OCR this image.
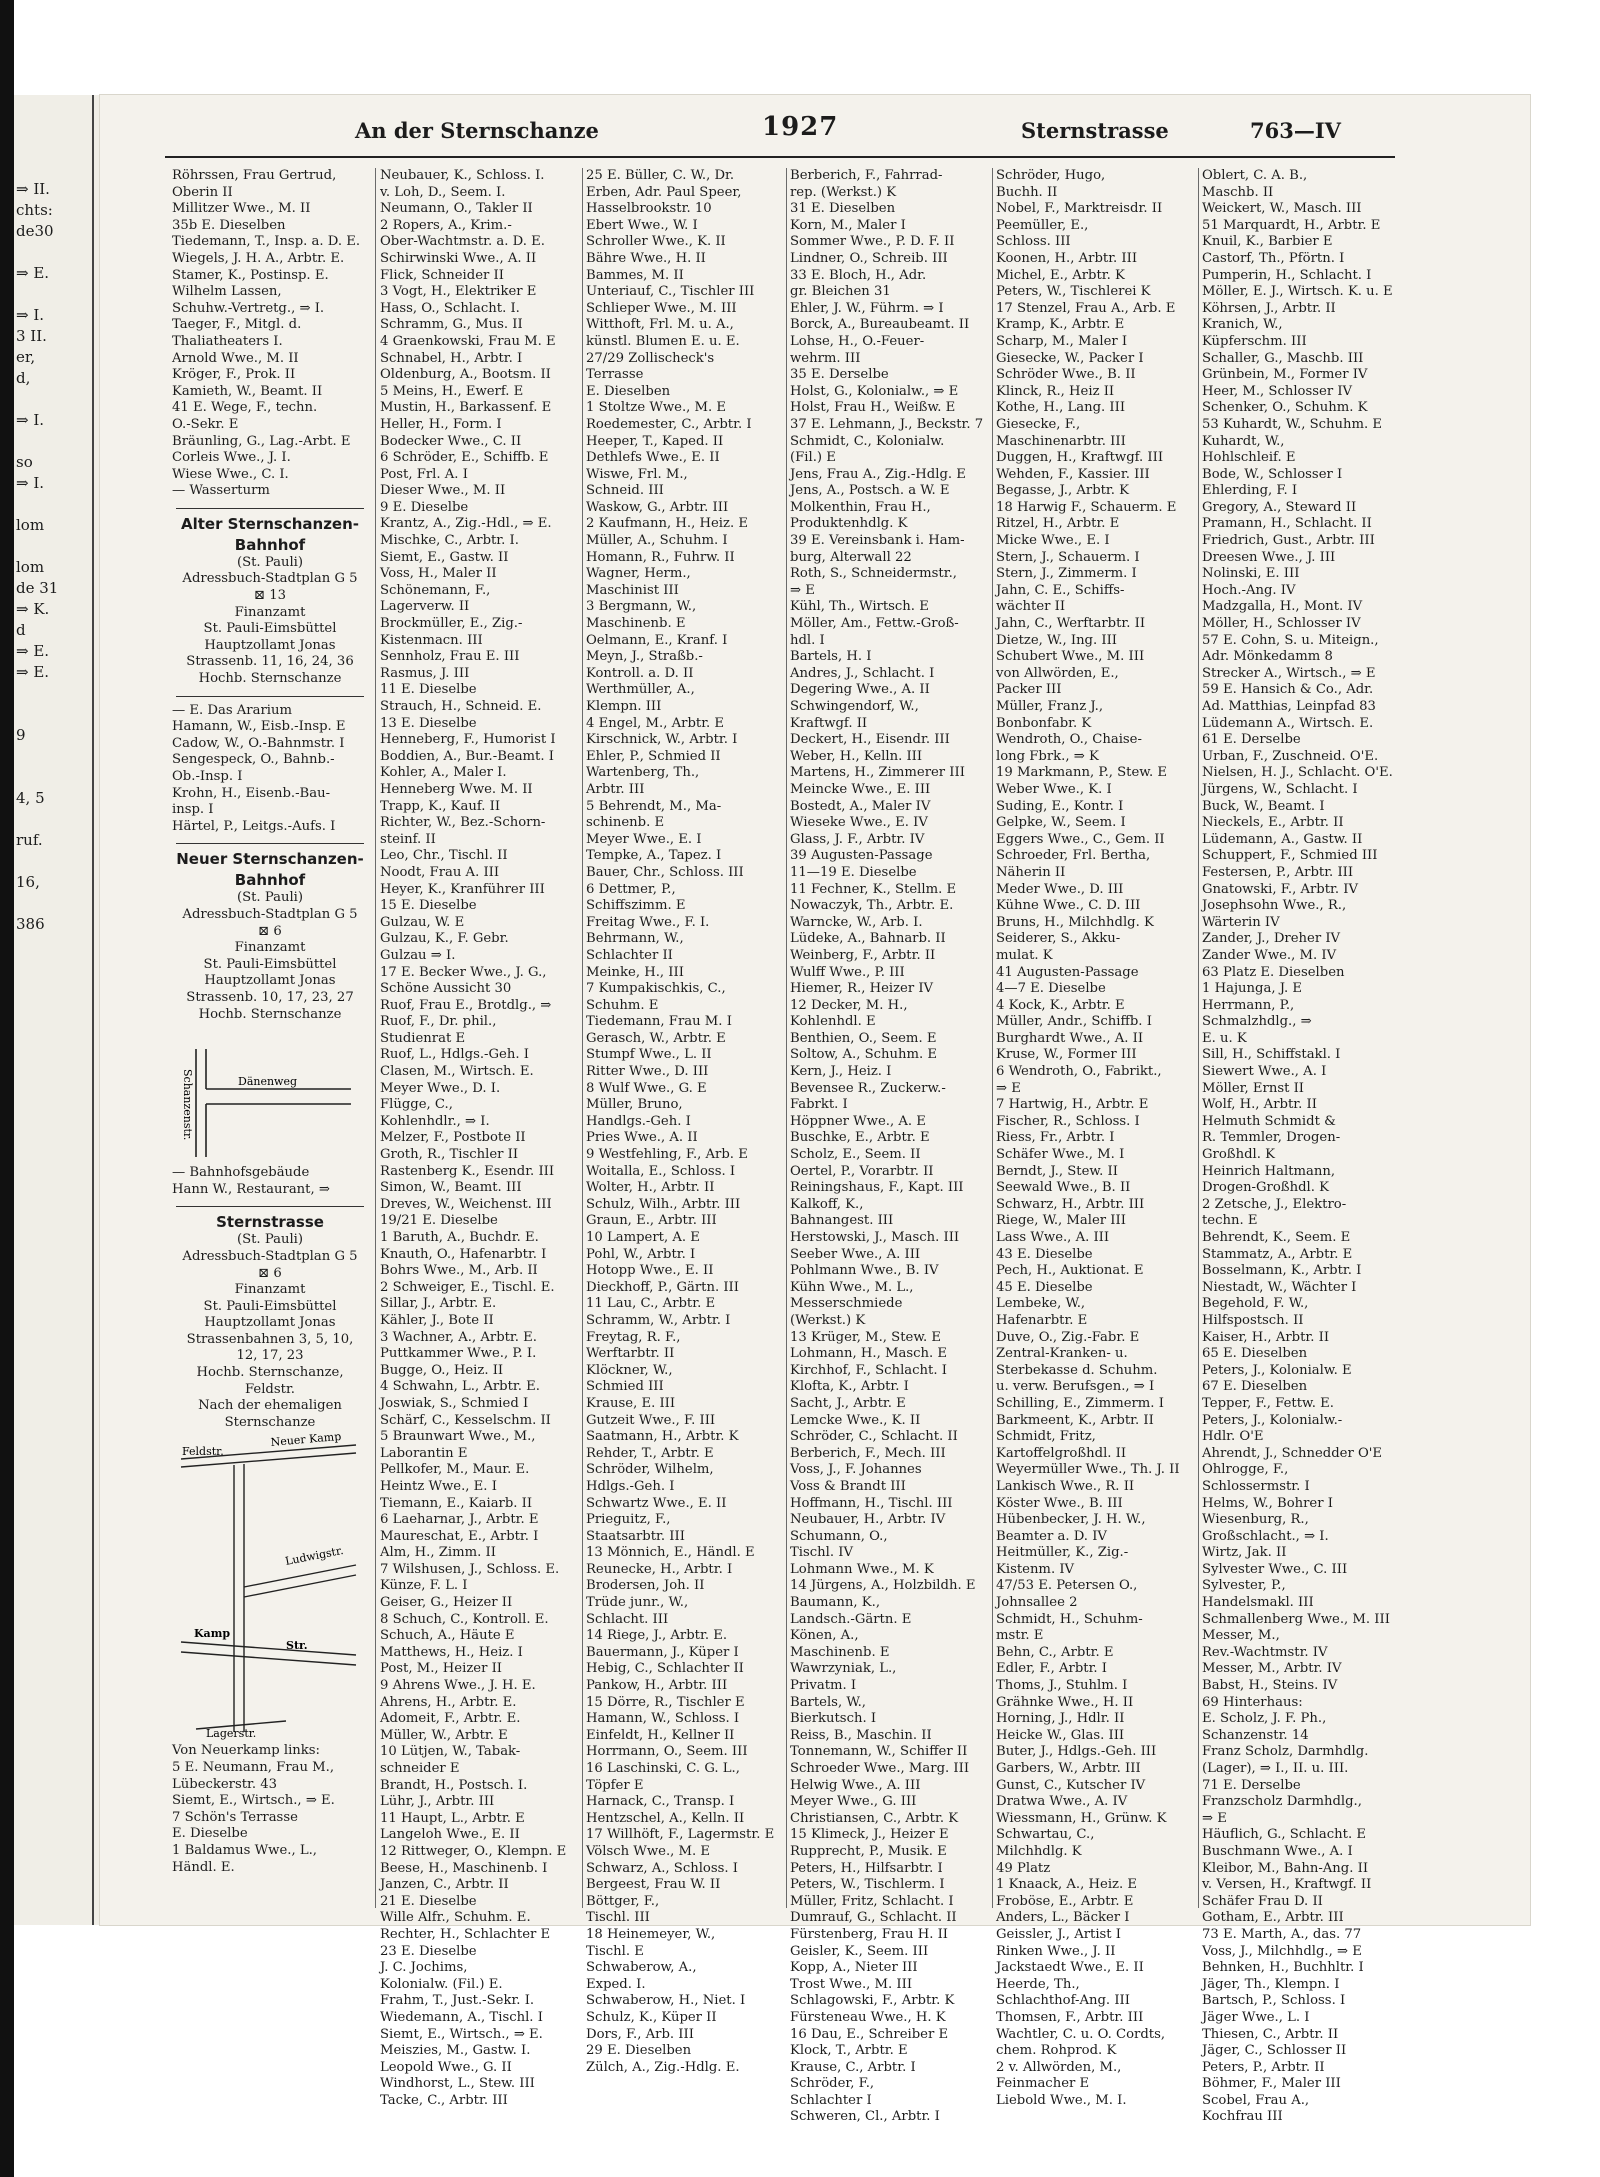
⇒ II.
chts:
de30

⇒ E.

⇒ I.
3 II.
er,
d,

⇒ I.

so
⇒ I.

lom

lom
de 31
⇒ K.
d
⇒ E.
⇒ E.

9

4, 5

ruf.

16,

386
An der Sternschanze	1927	Sternstrasse	763—IV
Röhrssen, Frau Gertrud,
Oberin II
Millitzer Wwe., M. II
35b E. Dieselben
Tiedemann, T., Insp. a. D. E.
Wiegels, J. H. A., Arbtr. E.
Stamer, K., Postinsp. E.
Wilhelm Lassen,
Schuhw.-Vertretg., ⇒ I.
Taeger, F., Mitgl. d.
Thaliatheaters I.
Arnold Wwe., M. II
Kröger, F., Prok. II
Kamieth, W., Beamt. II
41 E. Wege, F., techn.
O.-Sekr. E
Bräunling, G., Lag.-Arbt. E
Corleis Wwe., J. I.
Wiese Wwe., C. I.
— Wasserturm
Alter Sternschanzen-
Bahnhof
(St. Pauli)
Adressbuch-Stadtplan G 5
⊠ 13
Finanzamt
St. Pauli-Eimsbüttel
Hauptzollamt Jonas
Strassenb. 11, 16, 24, 36
Hochb. Sternschanze
— E. Das Ararium
Hamann, W., Eisb.-Insp. E
Cadow, W., O.-Bahnmstr. I
Sengespeck, O., Bahnb.-
Ob.-Insp. I
Krohn, H., Eisenb.-Bau-
insp. I
Härtel, P., Leitgs.-Aufs. I
Neuer Sternschanzen-
Bahnhof
(St. Pauli)
Adressbuch-Stadtplan G 5
⊠ 6
Finanzamt
St. Pauli-Eimsbüttel
Hauptzollamt Jonas
Strassenb. 10, 17, 23, 27
Hochb. Sternschanze
Schanzenstr.	Dänenweg
— Bahnhofsgebäude
Hann W., Restaurant, ⇒
Sternstrasse
(St. Pauli)
Adressbuch-Stadtplan G 5
⊠ 6
Finanzamt
St. Pauli-Eimsbüttel
Hauptzollamt Jonas
Strassenbahnen 3, 5, 10,
12, 17, 23
Hochb. Sternschanze,
Feldstr.
Nach der ehemaligen
Sternschanze
Feldstr.
Neuer Kamp
Ludwigstr.
Kamp
Str.
Lagerstr.
Von Neuerkamp links:
5 E. Neumann, Frau M.,
Lübeckerstr. 43
Siemt, E., Wirtsch., ⇒ E.
7 Schön's Terrasse
E. Dieselbe
1 Baldamus Wwe., L.,
Händl. E.
Neubauer, K., Schloss. I.
v. Loh, D., Seem. I.
Neumann, O., Takler II
2 Ropers, A., Krim.-
Ober-Wachtmstr. a. D. E.
Schirwinski Wwe., A. II
Flick, Schneider II
3 Vogt, H., Elektriker E
Hass, O., Schlacht. I.
Schramm, G., Mus. II
4 Graenkowski, Frau M. E
Schnabel, H., Arbtr. I
Oldenburg, A., Bootsm. II
5 Meins, H., Ewerf. E
Mustin, H., Barkassenf. E
Heller, H., Form. I
Bodecker Wwe., C. II
6 Schröder, E., Schiffb. E
Post, Frl. A. I
Dieser Wwe., M. II
9 E. Dieselbe
Krantz, A., Zig.-Hdl., ⇒ E.
Mischke, C., Arbtr. I.
Siemt, E., Gastw. II
Voss, H., Maler II
Schönemann, F.,
Lagerverw. II
Brockmüller, E., Zig.-
Kistenmacn. III
Sennholz, Frau E. III
Rasmus, J. III
11 E. Dieselbe
Strauch, H., Schneid. E.
13 E. Dieselbe
Henneberg, F., Humorist I
Boddien, A., Bur.-Beamt. I
Kohler, A., Maler I.
Henneberg Wwe. M. II
Trapp, K., Kauf. II
Richter, W., Bez.-Schorn-
steinf. II
Leo, Chr., Tischl. II
Noodt, Frau A. III
Heyer, K., Kranführer III
15 E. Dieselbe
Gulzau, W. E
Gulzau, K., F. Gebr.
Gulzau ⇒ I.
17 E. Becker Wwe., J. G.,
Schöne Aussicht 30
Ruof, Frau E., Brotdlg., ⇒
Ruof, F., Dr. phil.,
Studienrat E
Ruof, L., Hdlgs.-Geh. I
Clasen, M., Wirtsch. E.
Meyer Wwe., D. I.
Flügge, C.,
Kohlenhdlr., ⇒ I.
Melzer, F., Postbote II
Groth, R., Tischler II
Rastenberg K., Esendr. III
Simon, W., Beamt. III
Dreves, W., Weichenst. III
19/21 E. Dieselbe
1 Baruth, A., Buchdr. E.
Knauth, O., Hafenarbtr. I
Bohrs Wwe., M., Arb. II
2 Schweiger, E., Tischl. E.
Sillar, J., Arbtr. E.
Kähler, J., Bote II
3 Wachner, A., Arbtr. E.
Puttkammer Wwe., P. I.
Bugge, O., Heiz. II
4 Schwahn, L., Arbtr. E.
Joswiak, S., Schmied I
Schärf, C., Kesselschm. II
5 Braunwart Wwe., M.,
Laborantin E
Pellkofer, M., Maur. E.
Heintz Wwe., E. I
Tiemann, E., Kaiarb. II
6 Laeharnar, J., Arbtr. E
Maureschat, E., Arbtr. I
Alm, H., Zimm. II
7 Wilshusen, J., Schloss. E.
Künze, F. L. I
Geiser, G., Heizer II
8 Schuch, C., Kontroll. E.
Schuch, A., Häute E
Matthews, H., Heiz. I
Post, M., Heizer II
9 Ahrens Wwe., J. H. E.
Ahrens, H., Arbtr. E.
Adomeit, F., Arbtr. E.
Müller, W., Arbtr. E
10 Lütjen, W., Tabak-
schneider E
Brandt, H., Postsch. I.
Lühr, J., Arbtr. III
11 Haupt, L., Arbtr. E
Langeloh Wwe., E. II
12 Rittweger, O., Klempn. E
Beese, H., Maschinenb. I
Janzen, C., Arbtr. II
21 E. Dieselbe
Wille Alfr., Schuhm. E.
Rechter, H., Schlachter E
23 E. Dieselbe
J. C. Jochims,
Kolonialw. (Fil.) E.
Frahm, T., Just.-Sekr. I.
Wiedemann, A., Tischl. I
Siemt, E., Wirtsch., ⇒ E.
Meiszies, M., Gastw. I.
Leopold Wwe., G. II
Windhorst, L., Stew. III
Tacke, C., Arbtr. III
25 E. Büller, C. W., Dr.
Erben, Adr. Paul Speer,
Hasselbrookstr. 10
Ebert Wwe., W. I
Schroller Wwe., K. II
Bähre Wwe., H. II
Bammes, M. II
Unteriauf, C., Tischler III
Schlieper Wwe., M. III
Witthoft, Frl. M. u. A.,
künstl. Blumen E. u. E.
27/29 Zollischeck's
Terrasse
E. Dieselben
1 Stoltze Wwe., M. E
Roedemester, C., Arbtr. I
Heeper, T., Kaped. II
Dethlefs Wwe., E. II
Wiswe, Frl. M.,
Schneid. III
Waskow, G., Arbtr. III
2 Kaufmann, H., Heiz. E
Müller, A., Schuhm. I
Homann, R., Fuhrw. II
Wagner, Herm.,
Maschinist III
3 Bergmann, W.,
Maschinenb. E
Oelmann, E., Kranf. I
Meyn, J., Straßb.-
Kontroll. a. D. II
Werthmüller, A.,
Klempn. III
4 Engel, M., Arbtr. E
Kirschnick, W., Arbtr. I
Ehler, P., Schmied II
Wartenberg, Th.,
Arbtr. III
5 Behrendt, M., Ma-
schinenb. E
Meyer Wwe., E. I
Tempke, A., Tapez. I
Bauer, Chr., Schloss. III
6 Dettmer, P.,
Schiffszimm. E
Freitag Wwe., F. I.
Behrmann, W.,
Schlachter II
Meinke, H., III
7 Kumpakischkis, C.,
Schuhm. E
Tiedemann, Frau M. I
Gerasch, W., Arbtr. E
Stumpf Wwe., L. II
Ritter Wwe., D. III
8 Wulf Wwe., G. E
Müller, Bruno,
Handlgs.-Geh. I
Pries Wwe., A. II
9 Westfehling, F., Arb. E
Woitalla, E., Schloss. I
Wolter, H., Arbtr. II
Schulz, Wilh., Arbtr. III
Graun, E., Arbtr. III
10 Lampert, A. E
Pohl, W., Arbtr. I
Hotopp Wwe., E. II
Dieckhoff, P., Gärtn. III
11 Lau, C., Arbtr. E
Schramm, W., Arbtr. I
Freytag, R. F.,
Werftarbtr. II
Klöckner, W.,
Schmied III
Krause, E. III
Gutzeit Wwe., F. III
Saatmann, H., Arbtr. K
Rehder, T., Arbtr. E
Schröder, Wilhelm,
Hdlgs.-Geh. I
Schwartz Wwe., E. II
Prieguitz, F.,
Staatsarbtr. III
13 Mönnich, E., Händl. E
Reunecke, H., Arbtr. I
Brodersen, Joh. II
Trüde junr., W.,
Schlacht. III
14 Riege, J., Arbtr. E.
Bauermann, J., Küper I
Hebig, C., Schlachter II
Pankow, H., Arbtr. III
15 Dörre, R., Tischler E
Hamann, W., Schloss. I
Einfeldt, H., Kellner II
Horrmann, O., Seem. III
16 Laschinski, C. G. L.,
Töpfer E
Harnack, C., Transp. I
Hentzschel, A., Kelln. II
17 Willhöft, F., Lagermstr. E
Völsch Wwe., M. E
Schwarz, A., Schloss. I
Bergeest, Frau W. II
Böttger, F.,
Tischl. III
18 Heinemeyer, W.,
Tischl. E
Schwaberow, A.,
Exped. I.
Schwaberow, H., Niet. I
Schulz, K., Küper II
Dors, F., Arb. III
29 E. Dieselben
Zülch, A., Zig.-Hdlg. E.
Berberich, F., Fahrrad-
rep. (Werkst.) K
31 E. Dieselben
Korn, M., Maler I
Sommer Wwe., P. D. F. II
Lindner, O., Schreib. III
33 E. Bloch, H., Adr.
gr. Bleichen 31
Ehler, J. W., Führm. ⇒ I
Borck, A., Bureaubeamt. II
Lohse, H., O.-Feuer-
wehrm. III
35 E. Derselbe
Holst, G., Kolonialw., ⇒ E
Holst, Frau H., Weißw. E
37 E. Lehmann, J., Beckstr. 7
Schmidt, C., Kolonialw.
(Fil.) E
Jens, Frau A., Zig.-Hdlg. E
Jens, A., Postsch. a W. E
Molkenthin, Frau H.,
Produktenhdlg. K
39 E. Vereinsbank i. Ham-
burg, Alterwall 22
Roth, S., Schneidermstr.,
⇒ E
Kühl, Th., Wirtsch. E
Möller, Am., Fettw.-Groß-
hdl. I
Bartels, H. I
Andres, J., Schlacht. I
Degering Wwe., A. II
Schwingendorf, W.,
Kraftwgf. II
Deckert, H., Eisendr. III
Weber, H., Kelln. III
Martens, H., Zimmerer III
Meincke Wwe., E. III
Bostedt, A., Maler IV
Wieseke Wwe., E. IV
Glass, J. F., Arbtr. IV
39 Augusten-Passage
11—19 E. Dieselbe
11 Fechner, K., Stellm. E
Nowaczyk, Th., Arbtr. E.
Warncke, W., Arb. I.
Lüdeke, A., Bahnarb. II
Weinberg, F., Arbtr. II
Wulff Wwe., P. III
Hiemer, R., Heizer IV
12 Decker, M. H.,
Kohlenhdl. E
Benthien, O., Seem. E
Soltow, A., Schuhm. E
Kern, J., Heiz. I
Bevensee R., Zuckerw.-
Fabrkt. I
Höppner Wwe., A. E
Buschke, E., Arbtr. E
Scholz, E., Seem. II
Oertel, P., Vorarbtr. II
Reiningshaus, F., Kapt. III
Kalkoff, K.,
Bahnangest. III
Herstowski, J., Masch. III
Seeber Wwe., A. III
Pohlmann Wwe., B. IV
Kühn Wwe., M. L.,
Messerschmiede
(Werkst.) K
13 Krüger, M., Stew. E
Lohmann, H., Masch. E
Kirchhof, F., Schlacht. I
Klofta, K., Arbtr. I
Sacht, J., Arbtr. E
Lemcke Wwe., K. II
Schröder, C., Schlacht. II
Berberich, F., Mech. III
Voss, J., F. Johannes
Voss & Brandt III
Hoffmann, H., Tischl. III
Neubauer, H., Arbtr. IV
Schumann, O.,
Tischl. IV
Lohmann Wwe., M. K
14 Jürgens, A., Holzbildh. E
Baumann, K.,
Landsch.-Gärtn. E
Könen, A.,
Maschinenb. E
Wawrzyniak, L.,
Privatm. I
Bartels, W.,
Bierkutsch. I
Reiss, B., Maschin. II
Tonnemann, W., Schiffer II
Schroeder Wwe., Marg. III
Helwig Wwe., A. III
Meyer Wwe., G. III
Christiansen, C., Arbtr. K
15 Klimeck, J., Heizer E
Rupprecht, P., Musik. E
Peters, H., Hilfsarbtr. I
Peters, W., Tischlerm. I
Müller, Fritz, Schlacht. I
Dumrauf, G., Schlacht. II
Fürstenberg, Frau H. II
Geisler, K., Seem. III
Kopp, A., Nieter III
Trost Wwe., M. III
Schlagowski, F., Arbtr. K
Fürsteneau Wwe., H. K
16 Dau, E., Schreiber E
Klock, T., Arbtr. E
Krause, C., Arbtr. I
Schröder, F.,
Schlachter I
Schweren, Cl., Arbtr. I
Schröder, Hugo,
Buchh. II
Nobel, F., Marktreisdr. II
Peemüller, E.,
Schloss. III
Koonen, H., Arbtr. III
Michel, E., Arbtr. K
Peters, W., Tischlerei K
17 Stenzel, Frau A., Arb. E
Kramp, K., Arbtr. E
Scharp, M., Maler I
Giesecke, W., Packer I
Schröder Wwe., B. II
Klinck, R., Heiz II
Kothe, H., Lang. III
Giesecke, F.,
Maschinenarbtr. III
Duggen, H., Kraftwgf. III
Wehden, F., Kassier. III
Begasse, J., Arbtr. K
18 Harwig F., Schauerm. E
Ritzel, H., Arbtr. E
Micke Wwe., E. I
Stern, J., Schauerm. I
Stern, J., Zimmerm. I
Jahn, C. E., Schiffs-
wächter II
Jahn, C., Werftarbtr. II
Dietze, W., Ing. III
Schubert Wwe., M. III
von Allwörden, E.,
Packer III
Müller, Franz J.,
Bonbonfabr. K
Wendroth, O., Chaise-
long Fbrk., ⇒ K
19 Markmann, P., Stew. E
Weber Wwe., K. I
Suding, E., Kontr. I
Gelpke, W., Seem. I
Eggers Wwe., C., Gem. II
Schroeder, Frl. Bertha,
Näherin II
Meder Wwe., D. III
Kühne Wwe., C. D. III
Bruns, H., Milchhdlg. K
Seiderer, S., Akku-
mulat. K
41 Augusten-Passage
4—7 E. Dieselbe
4 Kock, K., Arbtr. E
Müller, Andr., Schiffb. I
Burghardt Wwe., A. II
Kruse, W., Former III
6 Wendroth, O., Fabrikt.,
⇒ E
7 Hartwig, H., Arbtr. E
Fischer, R., Schloss. I
Riess, Fr., Arbtr. I
Schäfer Wwe., M. I
Berndt, J., Stew. II
Seewald Wwe., B. II
Schwarz, H., Arbtr. III
Riege, W., Maler III
Lass Wwe., A. III
43 E. Dieselbe
Pech, H., Auktionat. E
45 E. Dieselbe
Lembeke, W.,
Hafenarbtr. E
Duve, O., Zig.-Fabr. E
Zentral-Kranken- u.
Sterbekasse d. Schuhm.
u. verw. Berufsgen., ⇒ I
Schilling, E., Zimmerm. I
Barkmeent, K., Arbtr. II
Schmidt, Fritz,
Kartoffelgroßhdl. II
Weyermüller Wwe., Th. J. II
Lankisch Wwe., R. II
Köster Wwe., B. III
Hübenbecker, J. H. W.,
Beamter a. D. IV
Heitmüller, K., Zig.-
Kistenm. IV
47/53 E. Petersen O.,
Johnsallee 2
Schmidt, H., Schuhm-
mstr. E
Behn, C., Arbtr. E
Edler, F., Arbtr. I
Thoms, J., Stuhlm. I
Grähnke Wwe., H. II
Horning, J., Hdlr. II
Heicke W., Glas. III
Buter, J., Hdlgs.-Geh. III
Garbers, W., Arbtr. III
Gunst, C., Kutscher IV
Dratwa Wwe., A. IV
Wiessmann, H., Grünw. K
Schwartau, C.,
Milchhdlg. K
49 Platz
1 Knaack, A., Heiz. E
Froböse, E., Arbtr. E
Anders, L., Bäcker I
Geissler, J., Artist I
Rinken Wwe., J. II
Jackstaedt Wwe., E. II
Heerde, Th.,
Schlachthof-Ang. III
Thomsen, F., Arbtr. III
Wachtler, C. u. O. Cordts,
chem. Rohprod. K
2 v. Allwörden, M.,
Feinmacher E
Liebold Wwe., M. I.
Oblert, C. A. B.,
Maschb. II
Weickert, W., Masch. III
51 Marquardt, H., Arbtr. E
Knuil, K., Barbier E
Castorf, Th., Pförtn. I
Pumperin, H., Schlacht. I
Möller, E. J., Wirtsch. K. u. E
Köhrsen, J., Arbtr. II
Kranich, W.,
Küpferschm. III
Schaller, G., Maschb. III
Grünbein, M., Former IV
Heer, M., Schlosser IV
Schenker, O., Schuhm. K
53 Kuhardt, W., Schuhm. E
Kuhardt, W.,
Hohlschleif. E
Bode, W., Schlosser I
Ehlerding, F. I
Gregory, A., Steward II
Pramann, H., Schlacht. II
Friedrich, Gust., Arbtr. III
Dreesen Wwe., J. III
Nolinski, E. III
Hoch.-Ang. IV
Madzgalla, H., Mont. IV
Möller, H., Schlosser IV
57 E. Cohn, S. u. Miteign.,
Adr. Mönkedamm 8
Strecker A., Wirtsch., ⇒ E
59 E. Hansich & Co., Adr.
Ad. Matthias, Leinpfad 83
Lüdemann A., Wirtsch. E.
61 E. Derselbe
Urban, F., Zuschneid. O'E.
Nielsen, H. J., Schlacht. O'E.
Jürgens, W., Schlacht. I
Buck, W., Beamt. I
Nieckels, E., Arbtr. II
Lüdemann, A., Gastw. II
Schuppert, F., Schmied III
Festersen, P., Arbtr. III
Gnatowski, F., Arbtr. IV
Josephsohn Wwe., R.,
Wärterin IV
Zander, J., Dreher IV
Zander Wwe., M. IV
63 Platz E. Dieselben
1 Hajunga, J. E
Herrmann, P.,
Schmalzhdlg., ⇒
E. u. K
Sill, H., Schiffstakl. I
Siewert Wwe., A. I
Möller, Ernst II
Wolf, H., Arbtr. II
Helmuth Schmidt &
R. Temmler, Drogen-
Großhdl. K
Heinrich Haltmann,
Drogen-Großhdl. K
2 Zetsche, J., Elektro-
techn. E
Behrendt, K., Seem. E
Stammatz, A., Arbtr. E
Bosselmann, K., Arbtr. I
Niestadt, W., Wächter I
Begehold, F. W.,
Hilfspostsch. II
Kaiser, H., Arbtr. II
65 E. Dieselben
Peters, J., Kolonialw. E
67 E. Dieselben
Tepper, F., Fettw. E.
Peters, J., Kolonialw.-
Hdlr. O'E
Ahrendt, J., Schnedder O'E
Ohlrogge, F.,
Schlossermstr. I
Helms, W., Bohrer I
Wiesenburg, R.,
Großschlacht., ⇒ I.
Wirtz, Jak. II
Sylvester Wwe., C. III
Sylvester, P.,
Handelsmakl. III
Schmallenberg Wwe., M. III
Messer, M.,
Rev.-Wachtmstr. IV
Messer, M., Arbtr. IV
Babst, H., Steins. IV
69 Hinterhaus:
E. Scholz, J. F. Ph.,
Schanzenstr. 14
Franz Scholz, Darmhdlg.
(Lager), ⇒ I., II. u. III.
71 E. Derselbe
Franzscholz Darmhdlg.,
⇒ E
Häuflich, G., Schlacht. E
Buschmann Wwe., A. I
Kleibor, M., Bahn-Ang. II
v. Versen, H., Kraftwgf. II
Schäfer Frau D. II
Gotham, E., Arbtr. III
73 E. Marth, A., das. 77
Voss, J., Milchhdlg., ⇒ E
Behnken, H., Buchhltr. I
Jäger, Th., Klempn. I
Bartsch, P., Schloss. I
Jäger Wwe., L. I
Thiesen, C., Arbtr. II
Jäger, C., Schlosser II
Peters, P., Arbtr. II
Böhmer, F., Maler III
Scobel, Frau A.,
Kochfrau III
